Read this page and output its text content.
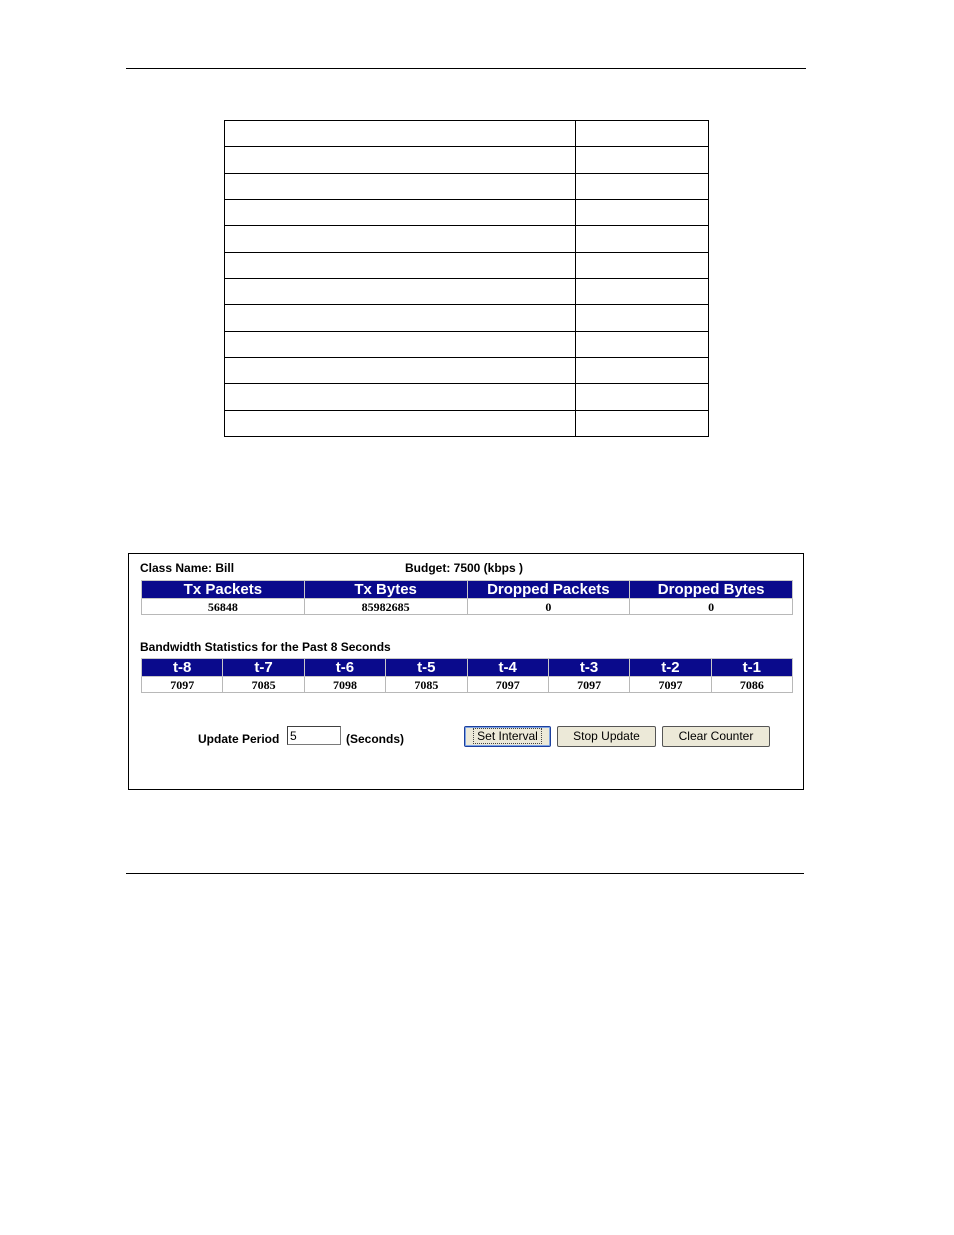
Class Name: Bill	Budget: 7500 (kbps )
Tx Packets	Tx Bytes	Dropped Packets	Dropped Bytes
56848	85982685	0	0
Bandwidth Statistics for the Past 8 Seconds
t-8	t-7	t-6	t-5	t-4	t-3	t-2	t-1
7097	7085	7098	7085	7097	7097	7097	7086
Update Period
5	(Seconds)	Set Interval	Stop Update	Clear Counter
